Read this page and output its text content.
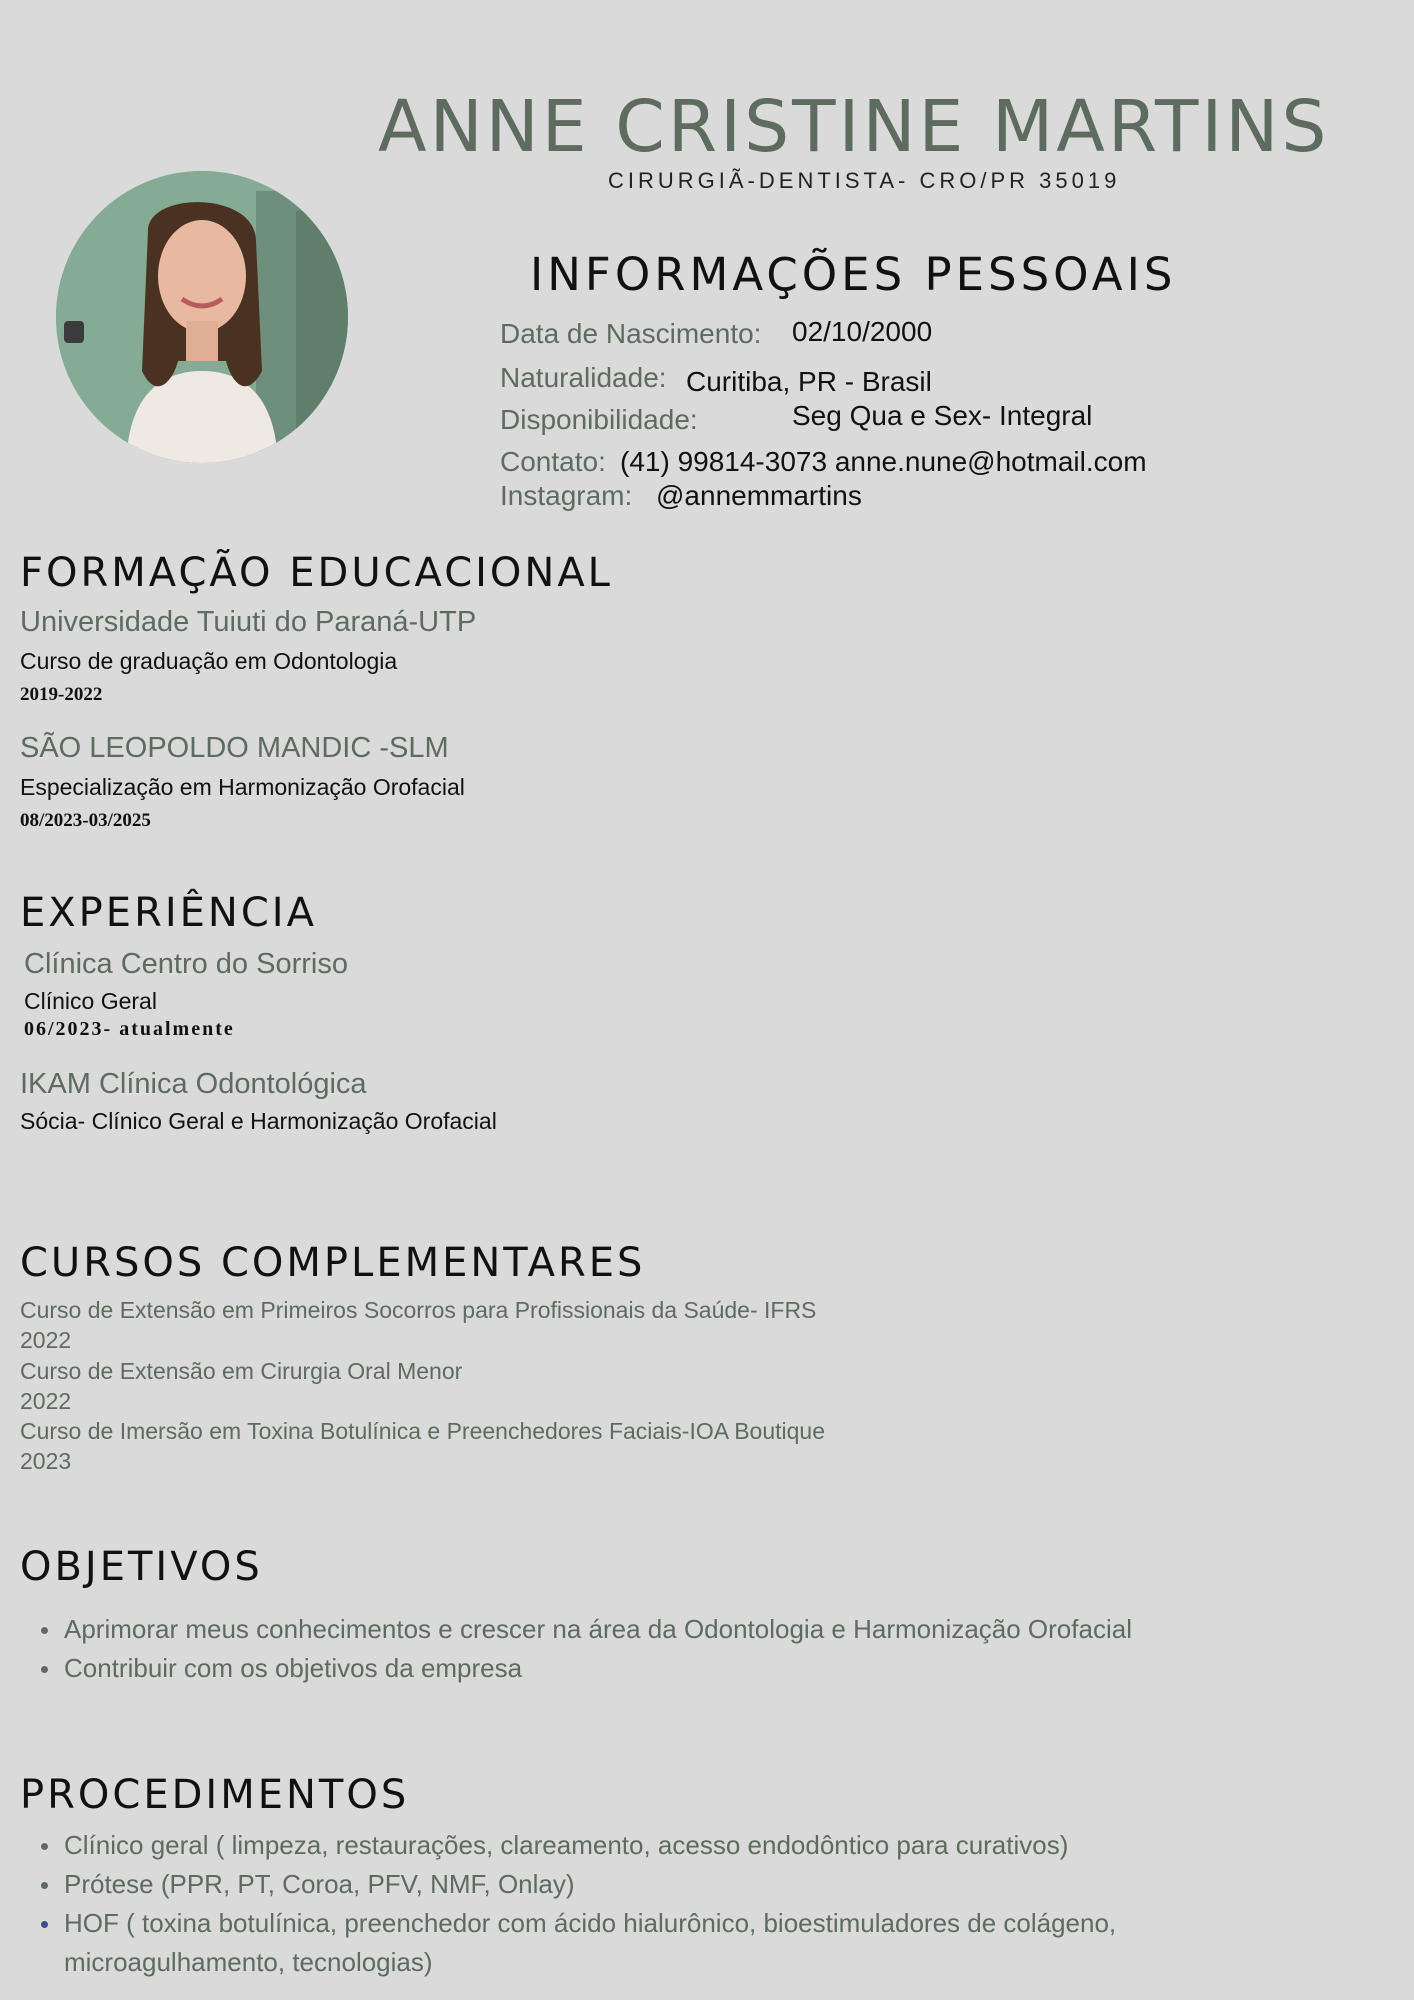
ANNE CRISTINE MARTINS
CIRURGIÃ-DENTISTA- CRO/PR 35019
INFORMAÇÕES PESSOAIS
Data de Nascimento: 02/10/2000
Naturalidade: Curitiba, PR - Brasil
Disponibilidade:	Seg Qua e Sex- Integral
Contato: (41) 99814-3073 anne.nune@hotmail.com
Instagram: @annemmartins
FORMAÇÃO EDUCACIONAL
Universidade Tuiuti do Paraná-UTP
Curso de graduação em Odontologia
2019-2022
SÃO LEOPOLDO MANDIC -SLM
Especialização em Harmonização Orofacial
08/2023-03/2025
EXPERIÊNCIA
Clínica Centro do Sorriso
Clínico Geral
06/2023- atualmente
IKAM Clínica Odontológica
Sócia- Clínico Geral e Harmonização Orofacial
CURSOS COMPLEMENTARES
Curso de Extensão em Primeiros Socorros para Profissionais da Saúde- IFRS
2022
Curso de Extensão em Cirurgia Oral Menor
2022
Curso de Imersão em Toxina Botulínica e Preenchedores Faciais-IOA Boutique
2023
OBJETIVOS
Aprimorar meus conhecimentos e crescer na área da Odontologia e Harmonização Orofacial
Contribuir com os objetivos da empresa
PROCEDIMENTOS
Clínico geral ( limpeza, restaurações, clareamento, acesso endodôntico para curativos)
Prótese (PPR, PT, Coroa, PFV, NMF, Onlay)
HOF ( toxina botulínica, preenchedor com ácido hialurônico, bioestimuladores de colágeno, microagulhamento, tecnologias)
